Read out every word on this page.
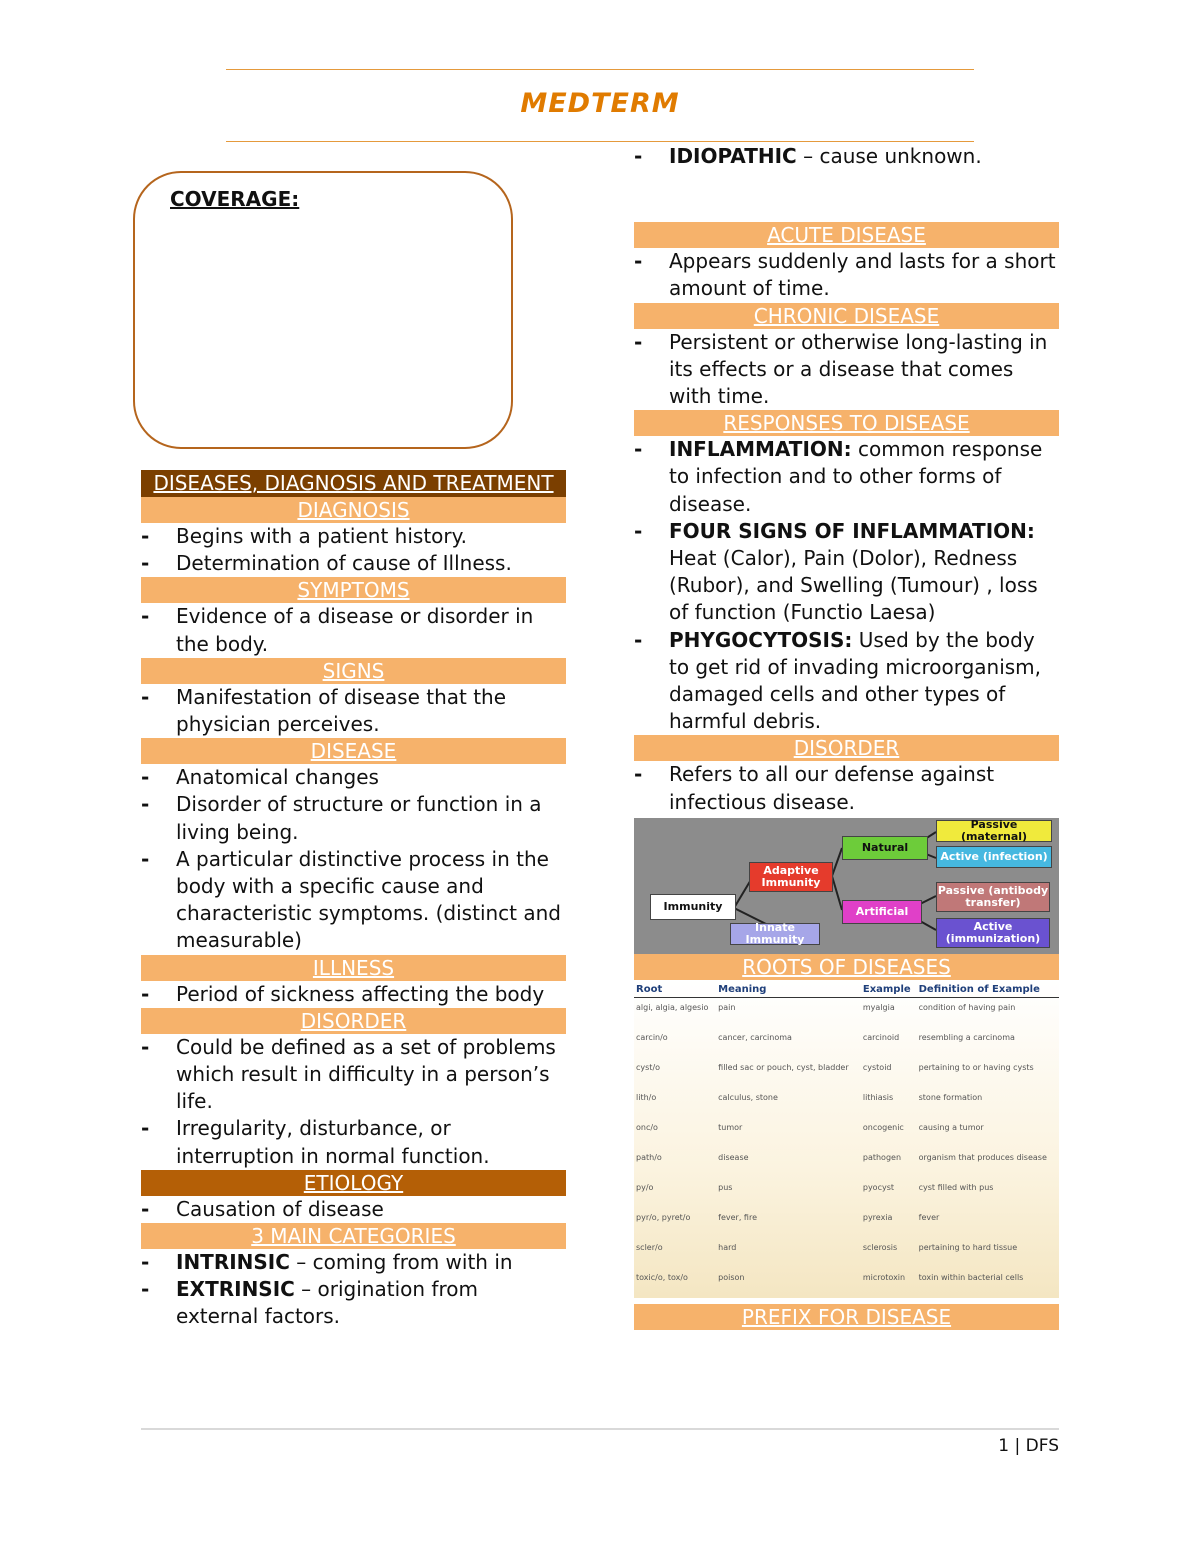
MEDTERM
COVERAGE:
DISEASES, DIAGNOSIS AND TREATMENT
DIAGNOSIS
- Begins with a patient history.
- Determination of cause of Illness.
SYMPTOMS
- Evidence of a disease or disorder in the body.
SIGNS
- Manifestation of disease that the physician perceives.
DISEASE
- Anatomical changes
- Disorder of structure or function in a living being.
- A particular distinctive process in the body with a specific cause and characteristic symptoms. (distinct and measurable)
ILLNESS
- Period of sickness affecting the body
DISORDER
- Could be defined as a set of problems which result in difficulty in a person’s life.
- Irregularity, disturbance, or interruption in normal function.
ETIOLOGY
- Causation of disease
3 MAIN CATEGORIES
- INTRINSIC – coming from with in
- EXTRINSIC – origination from external factors.
- IDIOPATHIC – cause unknown.
ACUTE DISEASE
- Appears suddenly and lasts for a short amount of time.
CHRONIC DISEASE
- Persistent or otherwise long-lasting in its effects or a disease that comes with time.
RESPONSES TO DISEASE
- INFLAMMATION: common response to infection and to other forms of disease.
- FOUR SIGNS OF INFLAMMATION:
Heat (Calor), Pain (Dolor), Redness (Rubor), and Swelling (Tumour) , loss of function (Functio Laesa)
- PHYGOCYTOSIS: Used by the body to get rid of invading microorganism, damaged cells and other types of harmful debris.
DISORDER
- Refers to all our defense against infectious disease.
Immunity
Adaptive Immunity
Innate Immunity
Natural
Artificial
Passive (maternal)
Active (infection)
Passive (antibody transfer)
Active (immunization)
ROOTS OF DISEASES
Root	Meaning	Example	Definition of Example
algi, algia, algesio	pain	myalgia	condition of having pain
carcin/o	cancer, carcinoma	carcinoid	resembling a carcinoma
cyst/o	filled sac or pouch, cyst, bladder	cystoid	pertaining to or having cysts
lith/o	calculus, stone	lithiasis	stone formation
onc/o	tumor	oncogenic	causing a tumor
path/o	disease	pathogen	organism that produces disease
py/o	pus	pyocyst	cyst filled with pus
pyr/o, pyret/o	fever, fire	pyrexia	fever
scler/o	hard	sclerosis	pertaining to hard tissue
toxic/o, tox/o	poison	microtoxin	toxin within bacterial cells
PREFIX FOR DISEASE
1 | DFS
